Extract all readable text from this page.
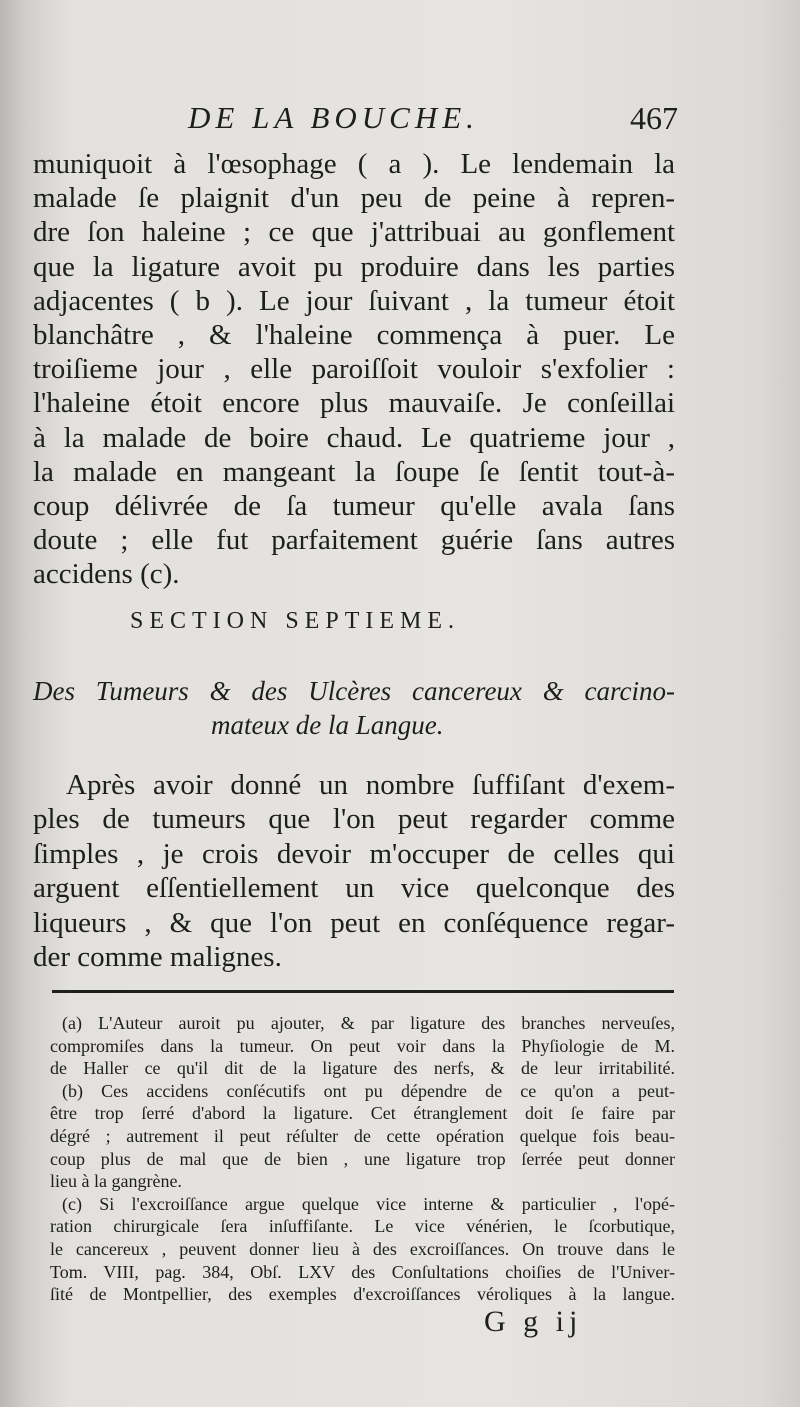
DE LA BOUCHE.	467
muniquoit à l'œsophage ( a ). Le lendemain la
malade ſe plaignit d'un peu de peine à repren-
dre ſon haleine ; ce que j'attribuai au gonflement
que la ligature avoit pu produire dans les parties
adjacentes ( b ). Le jour ſuivant , la tumeur étoit
blanchâtre , & l'haleine commença à puer. Le
troiſieme jour , elle paroiſſoit vouloir s'exfolier :
l'haleine étoit encore plus mauvaiſe. Je conſeillai
à la malade de boire chaud. Le quatrieme jour ,
la malade en mangeant la ſoupe ſe ſentit tout-à-
coup délivrée de ſa tumeur qu'elle avala ſans
doute ; elle fut parfaitement guérie ſans autres
accidens (c).
SECTION SEPTIEME.
Des Tumeurs & des Ulcères cancereux & carcino-
mateux de la Langue.
Après avoir donné un nombre ſuffiſant d'exem-
ples de tumeurs que l'on peut regarder comme
ſimples , je crois devoir m'occuper de celles qui
arguent eſſentiellement un vice quelconque des
liqueurs , & que l'on peut en conſéquence regar-
der comme malignes.
(a) L'Auteur auroit pu ajouter, & par ligature des branches nerveuſes,
compromiſes dans la tumeur. On peut voir dans la Phyſiologie de M.
de Haller ce qu'il dit de la ligature des nerfs, & de leur irritabilité.
(b) Ces accidens conſécutifs ont pu dépendre de ce qu'on a peut-
être trop ſerré d'abord la ligature. Cet étranglement doit ſe faire par
dégré ; autrement il peut réſulter de cette opération quelque fois beau-
coup plus de mal que de bien , une ligature trop ſerrée peut donner
lieu à la gangrène.
(c) Si l'excroiſſance argue quelque vice interne & particulier , l'opé-
ration chirurgicale ſera inſuffiſante. Le vice vénérien, le ſcorbutique,
le cancereux , peuvent donner lieu à des excroiſſances. On trouve dans le
Tom. VIII, pag. 384, Obſ. LXV des Conſultations choiſies de l'Univer-
ſité de Montpellier, des exemples d'excroiſſances véroliques à la langue.
G g ij
